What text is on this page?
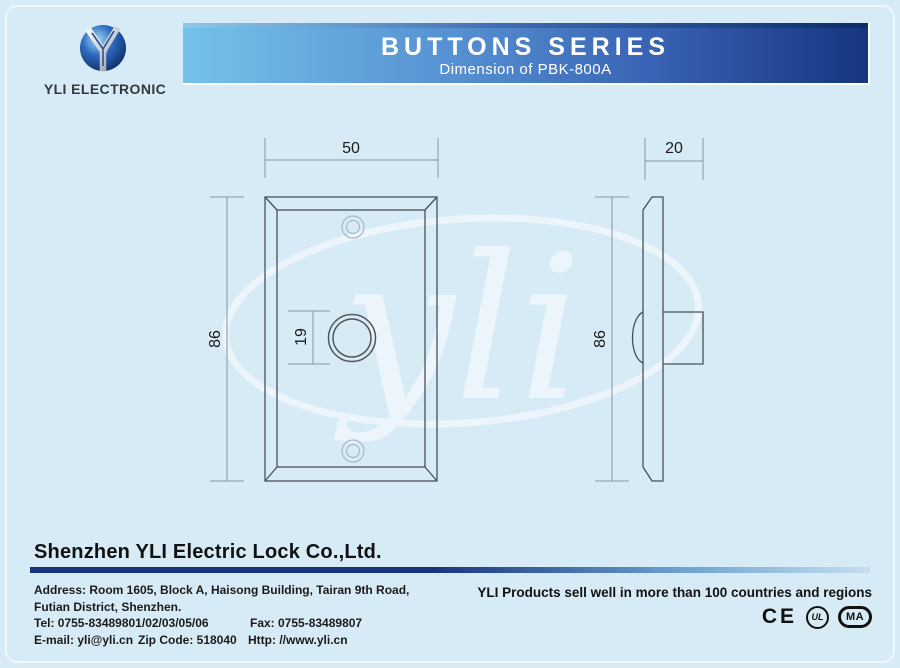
yli
50
86	19
20
86
YLI ELECTRONIC
BUTTONS SERIES
Dimension of PBK-800A
Shenzhen YLI Electric Lock Co.,Ltd.
Address: Room 1605, Block A, Haisong Building, Tairan 9th Road,
Futian District, Shenzhen.
Tel: 0755-83489801/02/03/05/06	Fax: 0755-83489807
E-mail: yli@yli.cn Zip Code: 518040 Http: //www.yli.cn
YLI Products sell well in more than 100 countries and regions
CE	UL	MA
